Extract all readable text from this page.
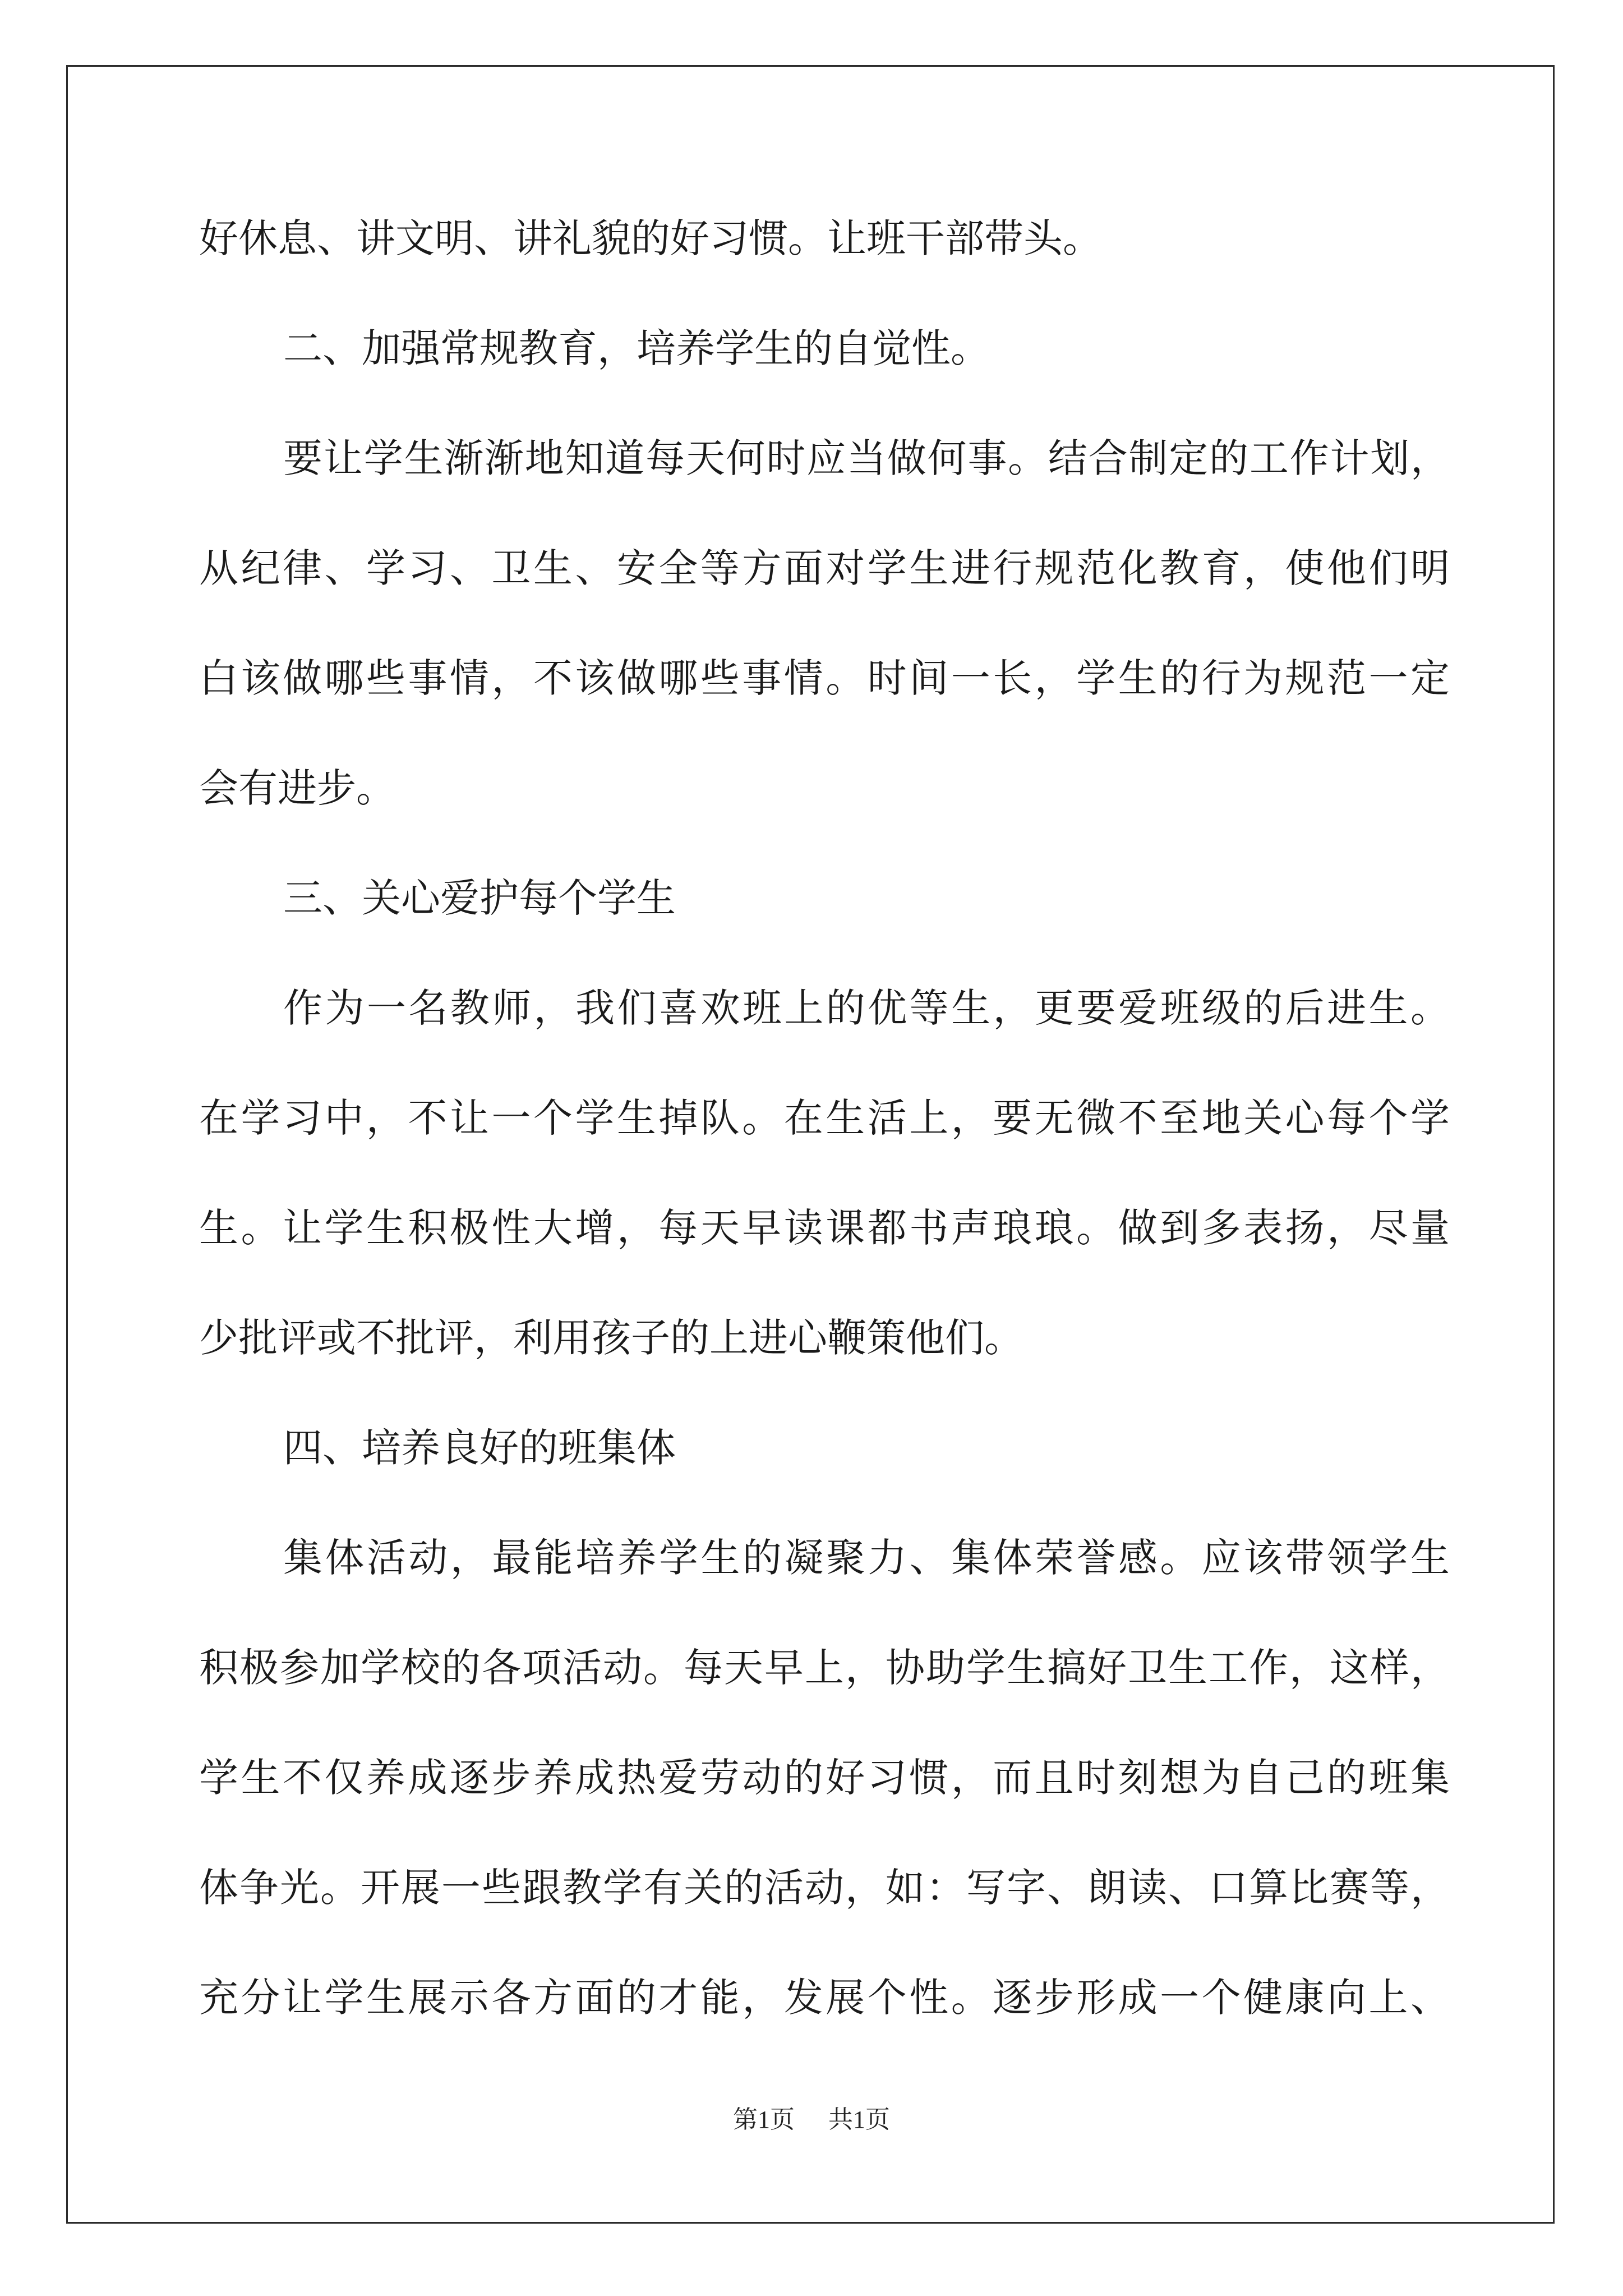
好休息、讲文明、讲礼貌的好习惯。让班干部带头。
二、加强常规教育，培养学生的自觉性。
要让学生渐渐地知道每天何时应当做何事。结合制定的工作计划，
从纪律、学习、卫生、安全等方面对学生进行规范化教育，使他们明
白该做哪些事情，不该做哪些事情。时间一长，学生的行为规范一定
会有进步。
三、关心爱护每个学生
作为一名教师，我们喜欢班上的优等生，更要爱班级的后进生。
在学习中，不让一个学生掉队。在生活上，要无微不至地关心每个学
生。让学生积极性大增，每天早读课都书声琅琅。做到多表扬，尽量
少批评或不批评，利用孩子的上进心鞭策他们。
四、培养良好的班集体
集体活动，最能培养学生的凝聚力、集体荣誉感。应该带领学生
积极参加学校的各项活动。每天早上，协助学生搞好卫生工作，这样，
学生不仅养成逐步养成热爱劳动的好习惯，而且时刻想为自己的班集
体争光。开展一些跟教学有关的活动，如：写字、朗读、口算比赛等，
充分让学生展示各方面的才能，发展个性。逐步形成一个健康向上、
第1页 共1页
